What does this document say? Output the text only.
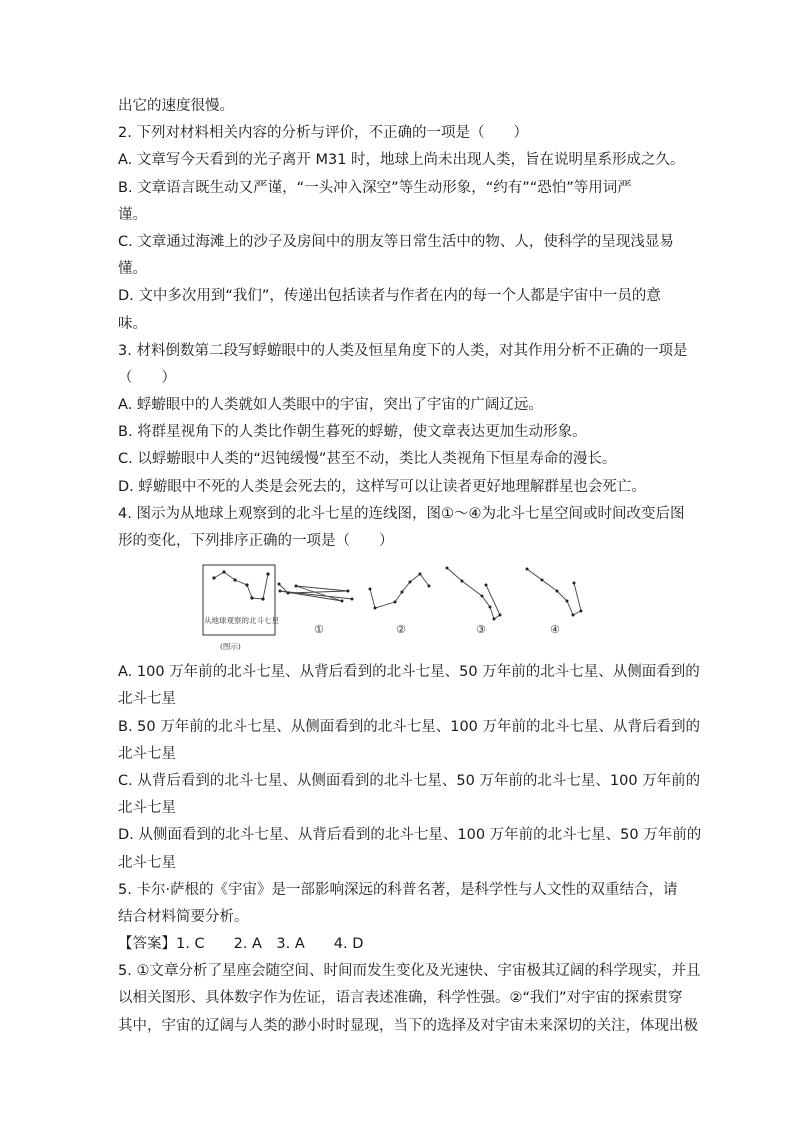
出它的速度很慢。
2. 下列对材料相关内容的分析与评价，不正确的一项是（　　）
A. 文章写今天看到的光子离开 M31 时，地球上尚未出现人类，旨在说明星系形成之久。
B. 文章语言既生动又严谨，“一头冲入深空”等生动形象，“约有”“恐怕”等用词严
谨。
C. 文章通过海滩上的沙子及房间中的朋友等日常生活中的物、人，使科学的呈现浅显易
懂。
D. 文中多次用到“我们”，传递出包括读者与作者在内的每一个人都是宇宙中一员的意
味。
3. 材料倒数第二段写蜉蝣眼中的人类及恒星角度下的人类，对其作用分析不正确的一项是
（　　）
A. 蜉蝣眼中的人类就如人类眼中的宇宙，突出了宇宙的广阔辽远。
B. 将群星视角下的人类比作朝生暮死的蜉蝣，使文章表达更加生动形象。
C. 以蜉蝣眼中人类的“迟钝缓慢”甚至不动，类比人类视角下恒星寿命的漫长。
D. 蜉蝣眼中不死的人类是会死去的，这样写可以让读者更好地理解群星也会死亡。
4. 图示为从地球上观察到的北斗七星的连线图，图①～④为北斗七星空间或时间改变后图
形的变化，下列排序正确的一项是（　　）
从地球观察的北斗七星
(图示)
①	②	③	④
A. 100 万年前的北斗七星、从背后看到的北斗七星、50 万年前的北斗七星、从侧面看到的
北斗七星
B. 50 万年前的北斗七星、从侧面看到的北斗七星、100 万年前的北斗七星、从背后看到的
北斗七星
C. 从背后看到的北斗七星、从侧面看到的北斗七星、50 万年前的北斗七星、100 万年前的
北斗七星
D. 从侧面看到的北斗七星、从背后看到的北斗七星、100 万年前的北斗七星、50 万年前的
北斗七星
5. 卡尔·萨根的《宇宙》是一部影响深远的科普名著，是科学性与人文性的双重结合，请
结合材料简要分析。
【答案】1. C　　2. A　3. A　　4. D
5. ①文章分析了星座会随空间、时间而发生变化及光速快、宇宙极其辽阔的科学现实，并且
以相关图形、具体数字作为佐证，语言表述准确，科学性强。②“我们”对宇宙的探索贯穿
其中，宇宙的辽阔与人类的渺小时时显现，当下的选择及对宇宙未来深切的关注，体现出极
